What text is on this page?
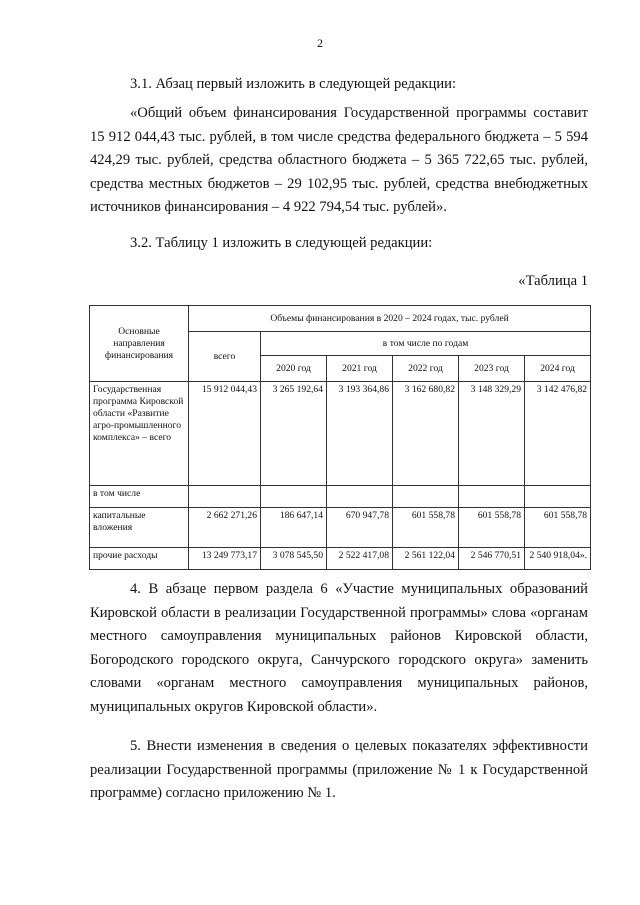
2

3.1. Абзац первый изложить в следующей редакции:

«Общий объем финансирования Государственной программы составит 15 912 044,43 тыс. рублей, в том числе средства федерального бюджета – 5 594 424,29 тыс. рублей, средства областного бюджета – 5 365 722,65 тыс. рублей, средства местных бюджетов – 29 102,95 тыс. рублей, средства внебюджетных источников финансирования – 4 922 794,54 тыс. рублей».

3.2. Таблицу 1 изложить в следующей редакции:

«Таблица 1

Основные направления финансирования	Объемы финансирования в 2020 – 2024 годах, тыс. рублей					
	всего	в том числе по годам				
		2020 год	2021 год	2022 год	2023 год	2024 год
Государственная программа Кировской области «Развитие агро-промышленного комплекса» – всего	15 912 044,43	3 265 192,64	3 193 364,86	3 162 680,82	3 148 329,29	3 142 476,82
в том числе						
капитальные вложения	2 662 271,26	186 647,14	670 947,78	601 558,78	601 558,78	601 558,78
прочие расходы	13 249 773,17	3 078 545,50	2 522 417,08	2 561 122,04	2 546 770,51	2 540 918,04».

4. В абзаце первом раздела 6 «Участие муниципальных образований Кировской области в реализации Государственной программы» слова «органам местного самоуправления муниципальных районов Кировской области, Богородского городского округа, Санчурского городского округа» заменить словами «органам местного самоуправления муниципальных районов, муниципальных округов Кировской области».

5. Внести изменения в сведения о целевых показателях эффективности реализации Государственной программы (приложение № 1 к Государственной программе) согласно приложению № 1.
